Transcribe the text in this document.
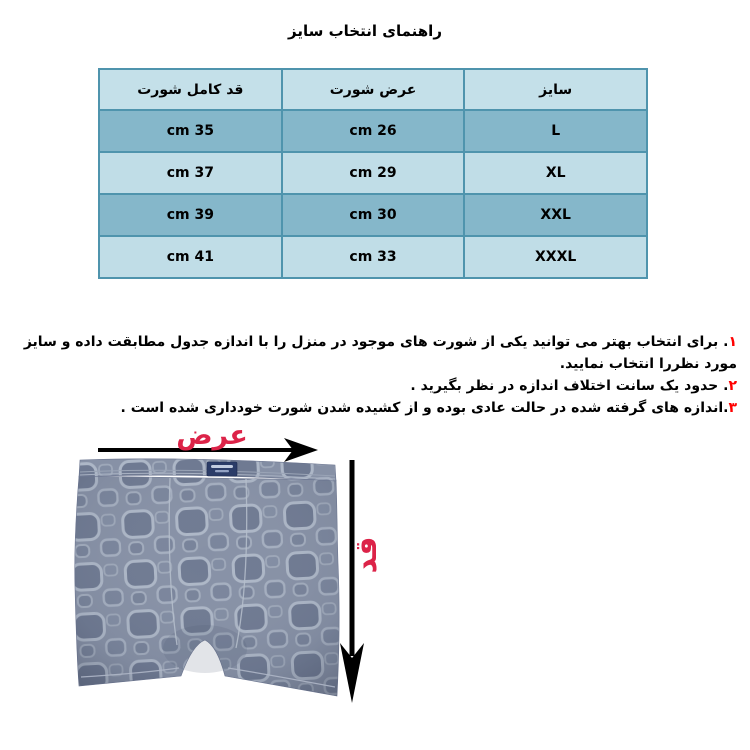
راهنمای انتخاب سایز
سایز	عرض شورت	قد کامل شورت
L	26 cm	35 cm
XL	29 cm	37 cm
XXL	30 cm	39 cm
XXXL	33 cm	41 cm

۱. برای انتخاب بهتر می توانید یکی از شورت های موجود در منزل را با اندازه جدول مطابقت داده و سایز مورد نظررا انتخاب نمایید.

۲. حدود یک سانت اختلاف اندازه در نظر بگیرید .

۳.اندازه های گرفته شده در حالت عادی بوده و از کشیده شدن شورت خودداری شده است .

عرض
قد
